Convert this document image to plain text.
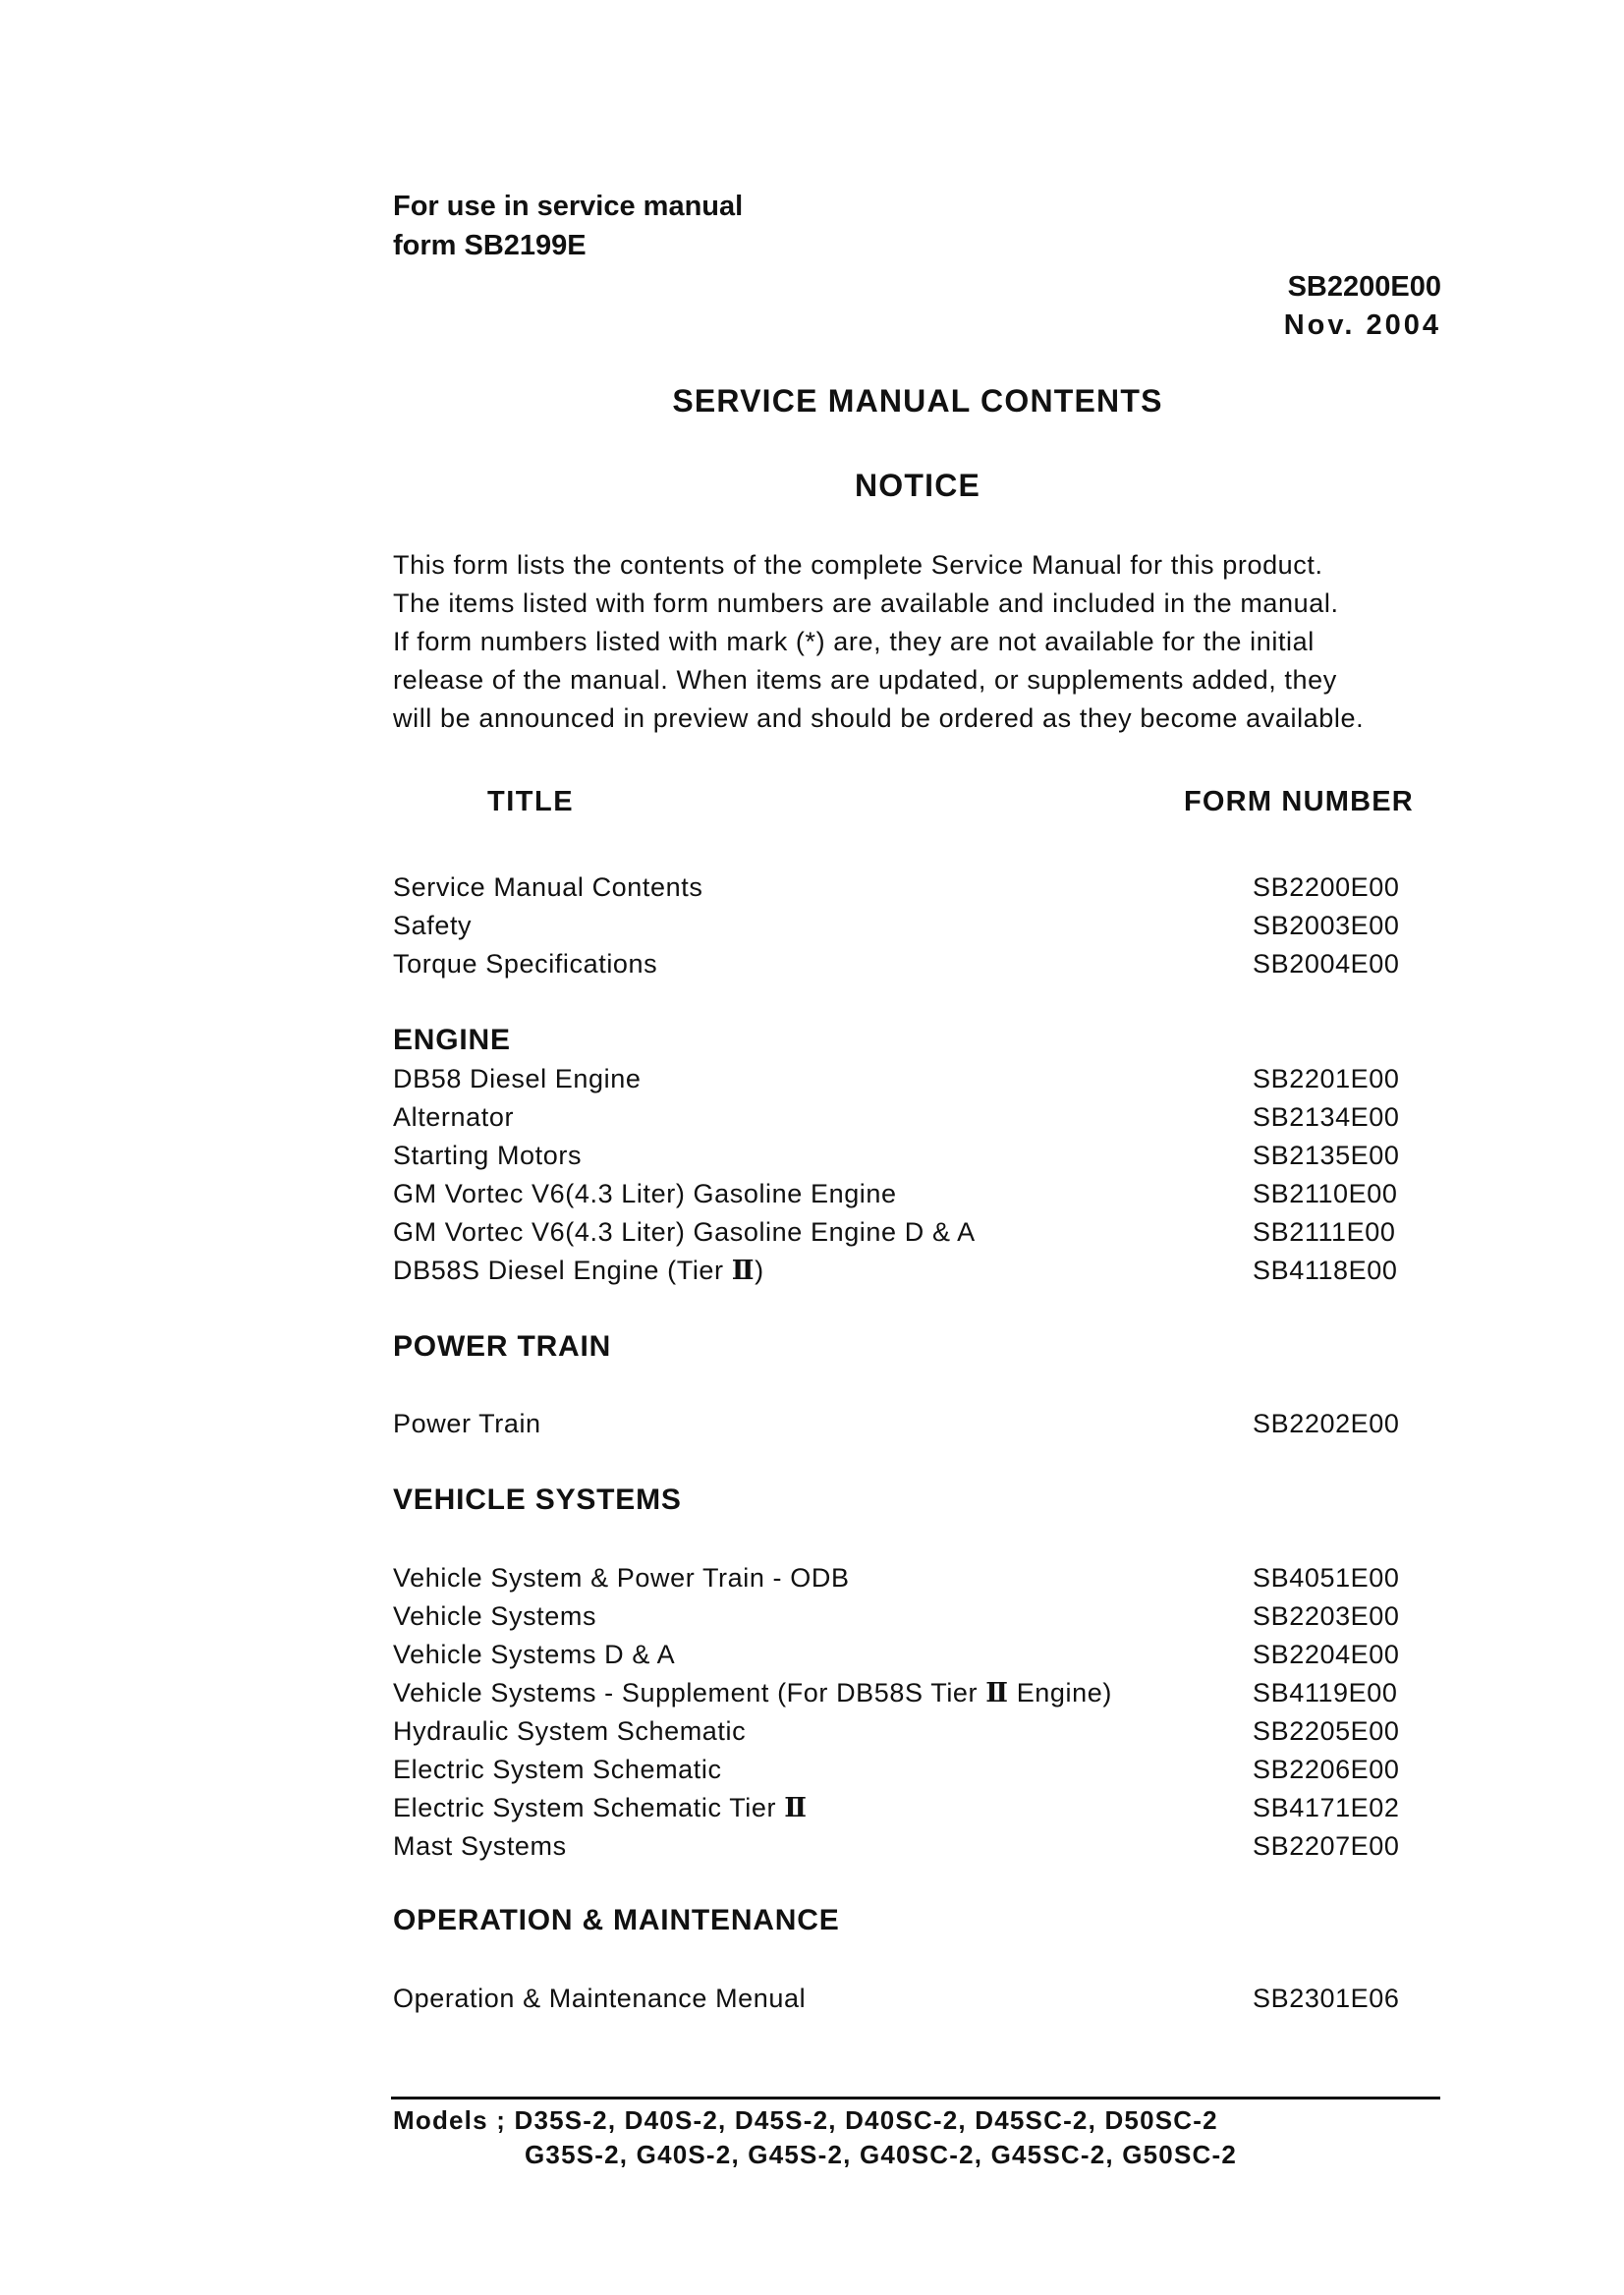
For use in service manual
form SB2199E
SB2200E00
Nov. 2004
SERVICE MANUAL CONTENTS
NOTICE
This form lists the contents of the complete Service Manual for this product.
The items listed with form numbers are available and included in the manual.
If form numbers listed with mark (*) are, they are not available for the initial
release of the manual. When items are updated, or supplements added, they
will be announced in preview and should be ordered as they become available.
TITLE	FORM NUMBER
Service Manual Contents	SB2200E00
Safety	SB2003E00
Torque Specifications	SB2004E00
ENGINE
DB58 Diesel Engine	SB2201E00
Alternator	SB2134E00
Starting Motors	SB2135E00
GM Vortec V6(4.3 Liter) Gasoline Engine	SB2110E00
GM Vortec V6(4.3 Liter) Gasoline Engine D & A	SB2111E00
DB58S Diesel Engine (Tier Ⅱ)	SB4118E00
POWER TRAIN
Power Train	SB2202E00
VEHICLE SYSTEMS
Vehicle System & Power Train - ODB	SB4051E00
Vehicle Systems	SB2203E00
Vehicle Systems D & A	SB2204E00
Vehicle Systems - Supplement (For DB58S Tier Ⅱ Engine)	SB4119E00
Hydraulic System Schematic	SB2205E00
Electric System Schematic	SB2206E00
Electric System Schematic Tier Ⅱ	SB4171E02
Mast Systems	SB2207E00
OPERATION & MAINTENANCE
Operation & Maintenance Menual	SB2301E06
Models ; D35S-2, D40S-2, D45S-2, D40SC-2, D45SC-2, D50SC-2
G35S-2, G40S-2, G45S-2, G40SC-2, G45SC-2, G50SC-2
